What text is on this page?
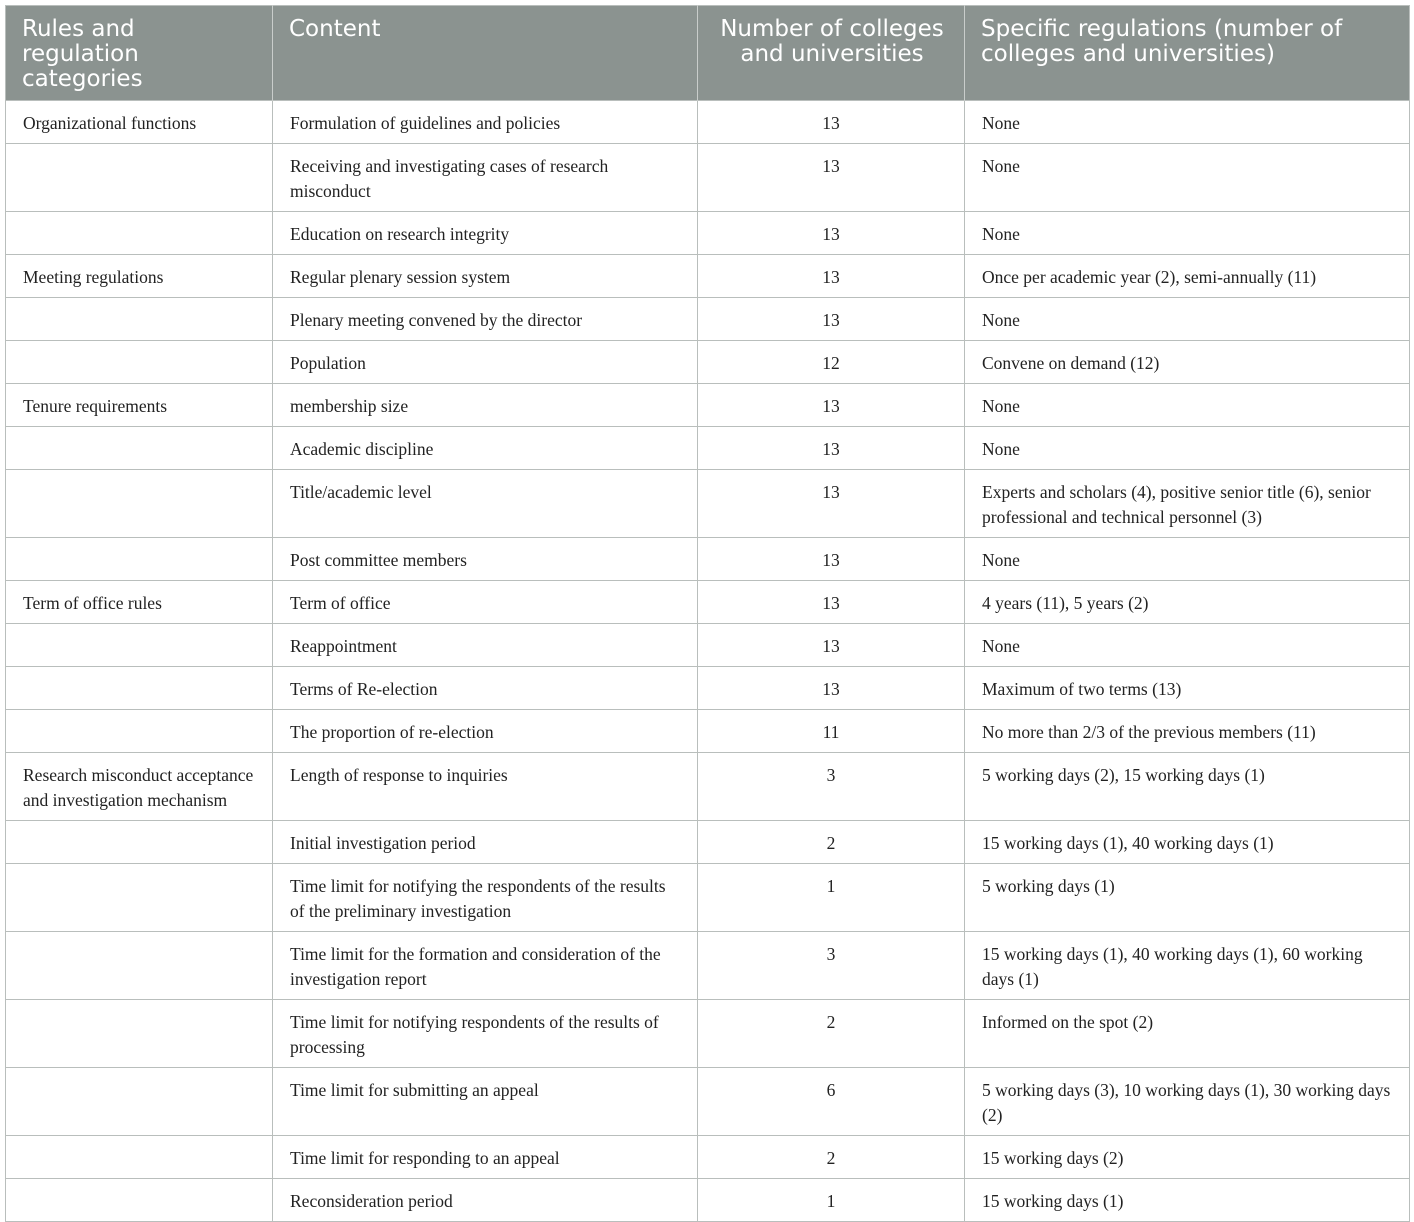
Rules and regulation categories	Content	Number of colleges and universities	Specific regulations (number of colleges and universities)
Organizational functions	Formulation of guidelines and policies	13	None
	Receiving and investigating cases of research misconduct	13	None
	Education on research integrity	13	None
Meeting regulations	Regular plenary session system	13	Once per academic year (2), semi-annually (11)
	Plenary meeting convened by the director	13	None
	Population	12	Convene on demand (12)
Tenure requirements	membership size	13	None
	Academic discipline	13	None
	Title/academic level	13	Experts and scholars (4), positive senior title (6), senior professional and technical personnel (3)
	Post committee members	13	None
Term of office rules	Term of office	13	4 years (11), 5 years (2)
	Reappointment	13	None
	Terms of Re-election	13	Maximum of two terms (13)
	The proportion of re-election	11	No more than 2/3 of the previous members (11)
Research misconduct acceptance and investigation mechanism	Length of response to inquiries	3	5 working days (2), 15 working days (1)
	Initial investigation period	2	15 working days (1), 40 working days (1)
	Time limit for notifying the respondents of the results of the preliminary investigation	1	5 working days (1)
	Time limit for the formation and consideration of the investigation report	3	15 working days (1), 40 working days (1), 60 working days (1)
	Time limit for notifying respondents of the results of processing	2	Informed on the spot (2)
	Time limit for submitting an appeal	6	5 working days (3), 10 working days (1), 30 working days (2)
	Time limit for responding to an appeal	2	15 working days (2)
	Reconsideration period	1	15 working days (1)
